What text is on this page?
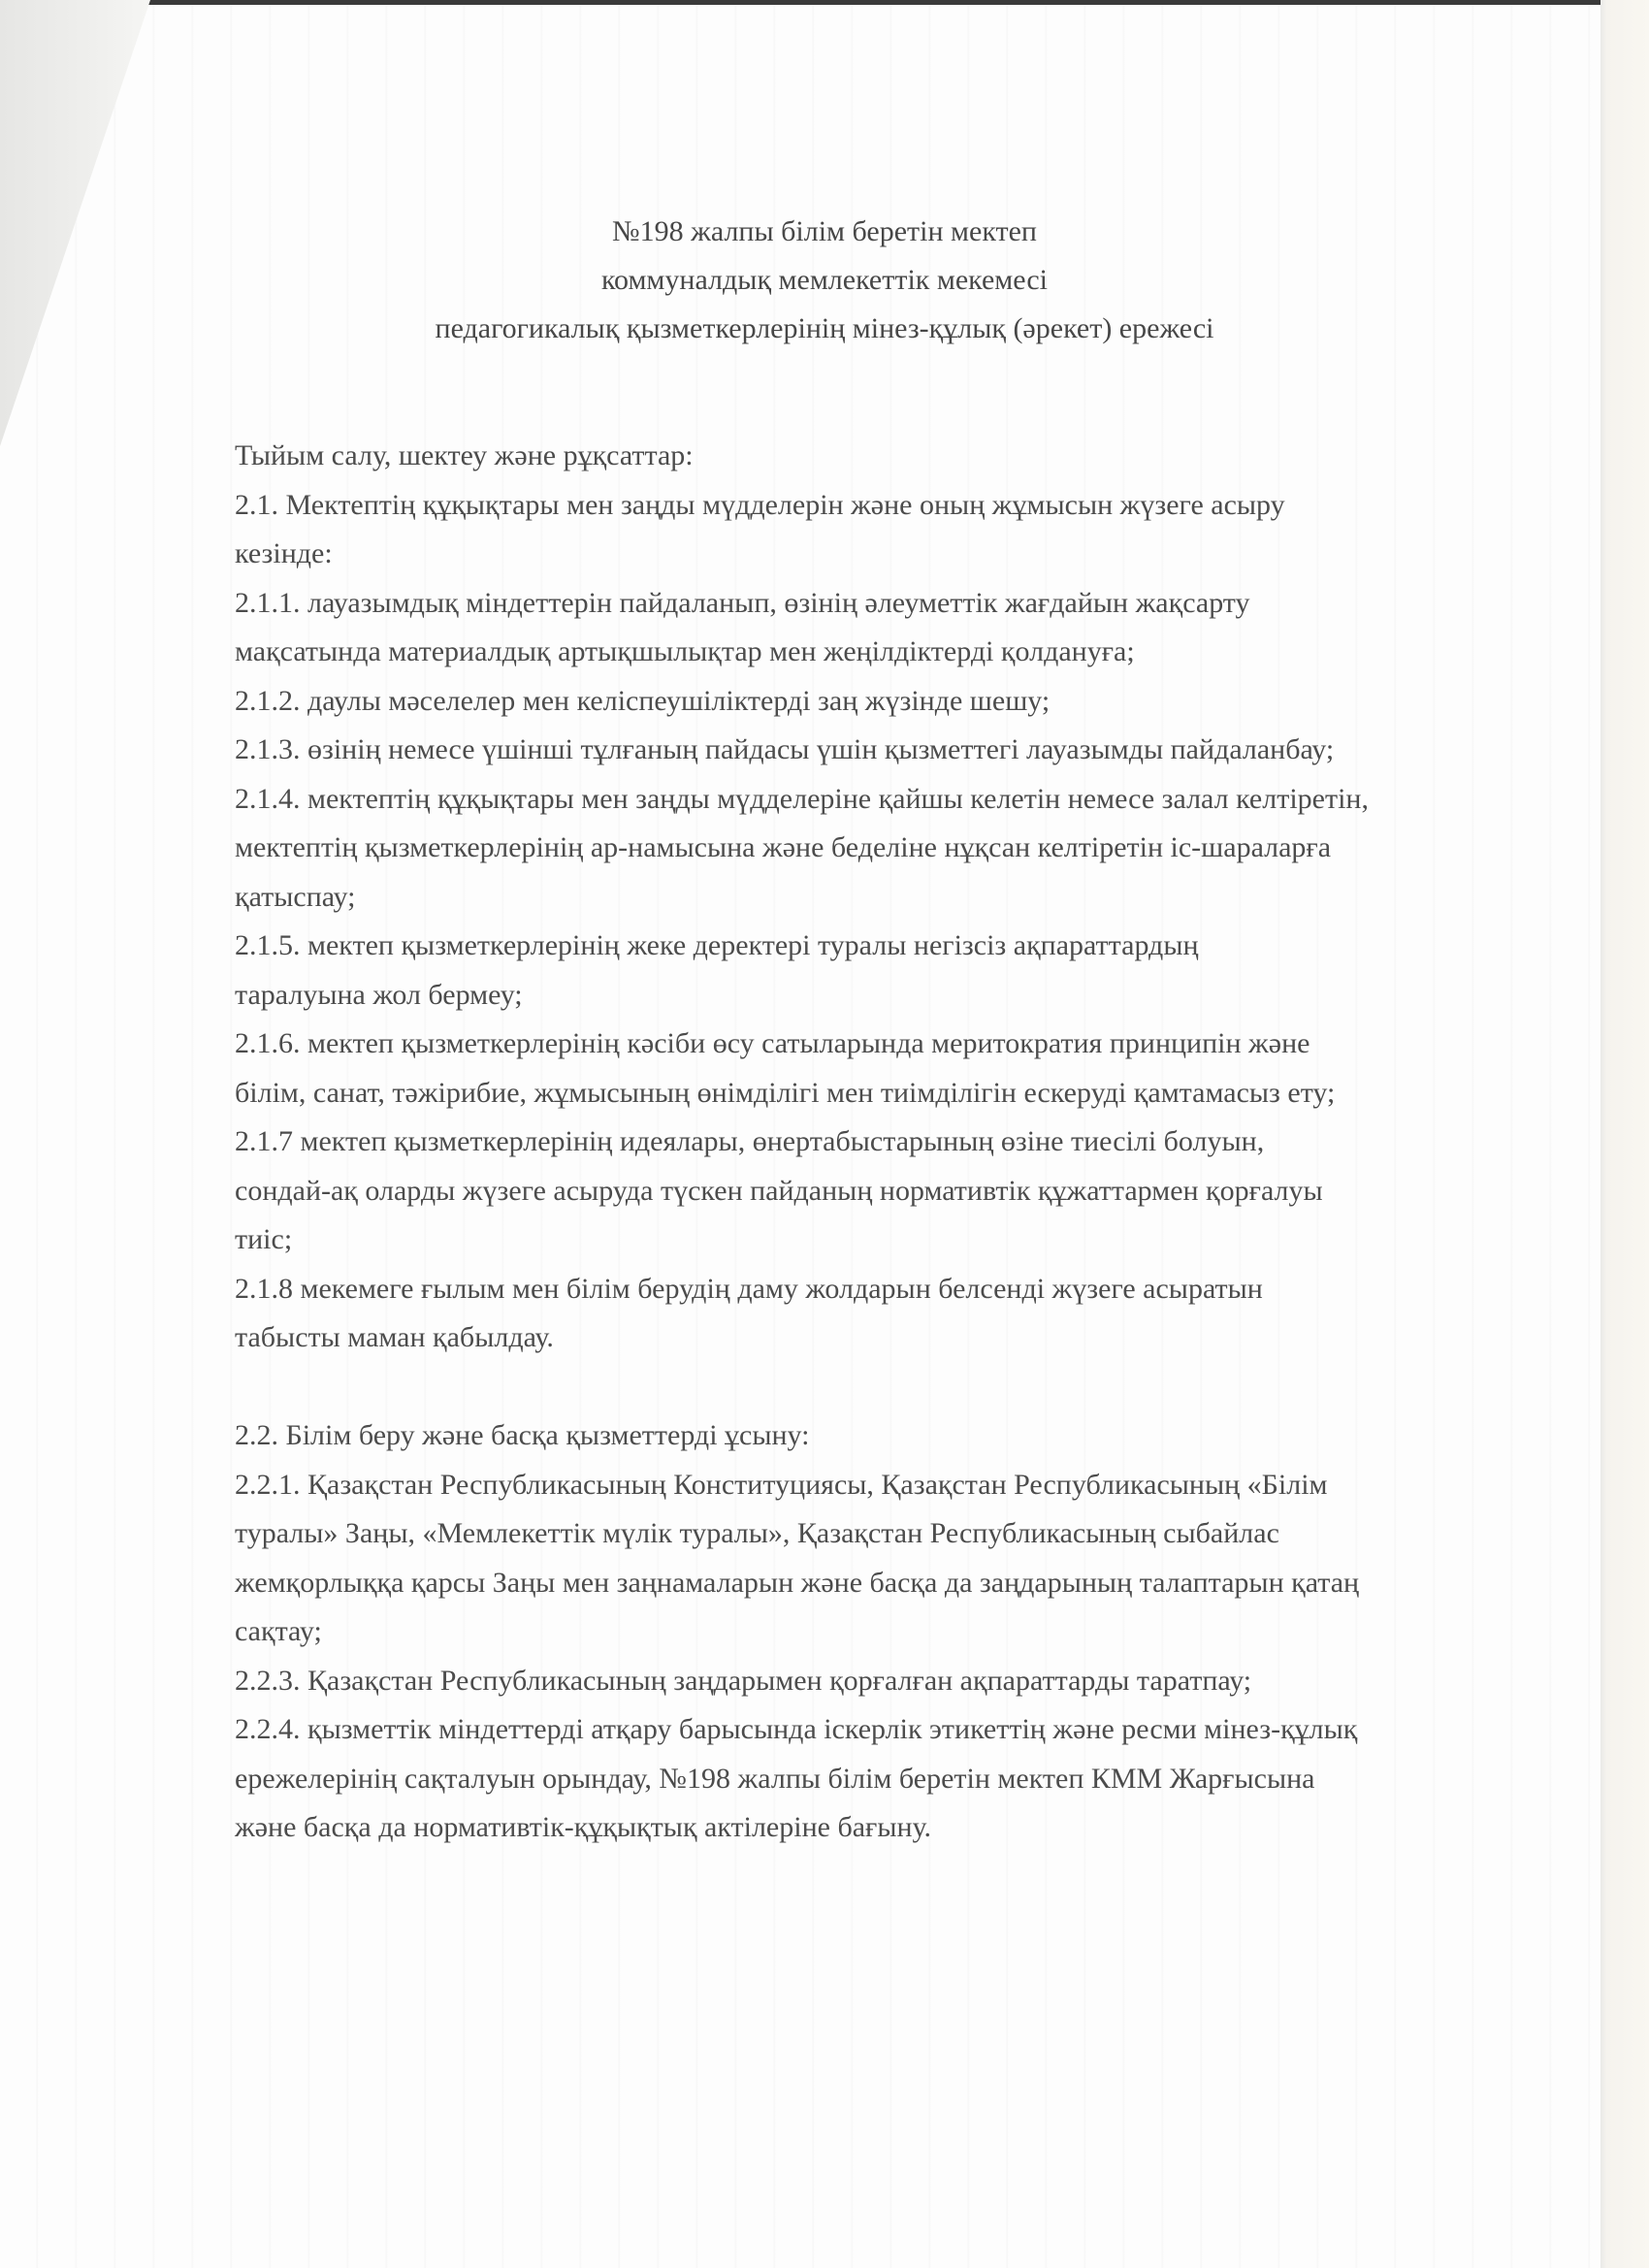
№198 жалпы білім беретін мектеп
коммуналдық мемлекеттік мекемесі
педагогикалық қызметкерлерінің мінез-құлық (әрекет) ережесі
Тыйым салу, шектеу және рұқсаттар:
2.1. Мектептің құқықтары мен заңды мүдделерін және оның жұмысын жүзеге асыру
кезінде:
2.1.1. лауазымдық міндеттерін пайдаланып, өзінің әлеуметтік жағдайын жақсарту
мақсатында материалдық артықшылықтар мен жеңілдіктерді қолдануға;
2.1.2. даулы мәселелер мен келіспеушіліктерді заң жүзінде шешу;
2.1.3. өзінің немесе үшінші тұлғаның пайдасы үшін қызметтегі лауазымды пайдаланбау;
2.1.4. мектептің құқықтары мен заңды мүдделеріне қайшы келетін немесе залал келтіретін,
мектептің қызметкерлерінің ар-намысына және беделіне нұқсан келтіретін іс-шараларға
қатыспау;
2.1.5. мектеп қызметкерлерінің жеке деректері туралы негізсіз ақпараттардың
таралуына жол бермеу;
2.1.6. мектеп қызметкерлерінің кәсіби өсу сатыларында меритократия принципін және
білім, санат, тәжірибие, жұмысының өнімділігі мен тиімділігін ескеруді қамтамасыз ету;
2.1.7 мектеп қызметкерлерінің идеялары, өнертабыстарының өзіне тиесілі болуын,
сондай-ақ оларды жүзеге асыруда түскен пайданың нормативтік құжаттармен қорғалуы
тиіс;
2.1.8 мекемеге ғылым мен білім берудің даму жолдарын белсенді жүзеге асыратын
табысты маман қабылдау.
2.2. Білім беру және басқа қызметтерді ұсыну:
2.2.1. Қазақстан Республикасының Конституциясы, Қазақстан Республикасының «Білім
туралы» Заңы, «Мемлекеттік мүлік туралы», Қазақстан Республикасының сыбайлас
жемқорлыққа қарсы Заңы мен заңнамаларын және басқа да заңдарының талаптарын қатаң
сақтау;
2.2.3. Қазақстан Республикасының заңдарымен қорғалған ақпараттарды таратпау;
2.2.4. қызметтік міндеттерді атқару барысында іскерлік этикеттің және ресми мінез-құлық
ережелерінің сақталуын орындау, №198 жалпы білім беретін мектеп КММ Жарғысына
және басқа да нормативтік-құқықтық актілеріне бағыну.
